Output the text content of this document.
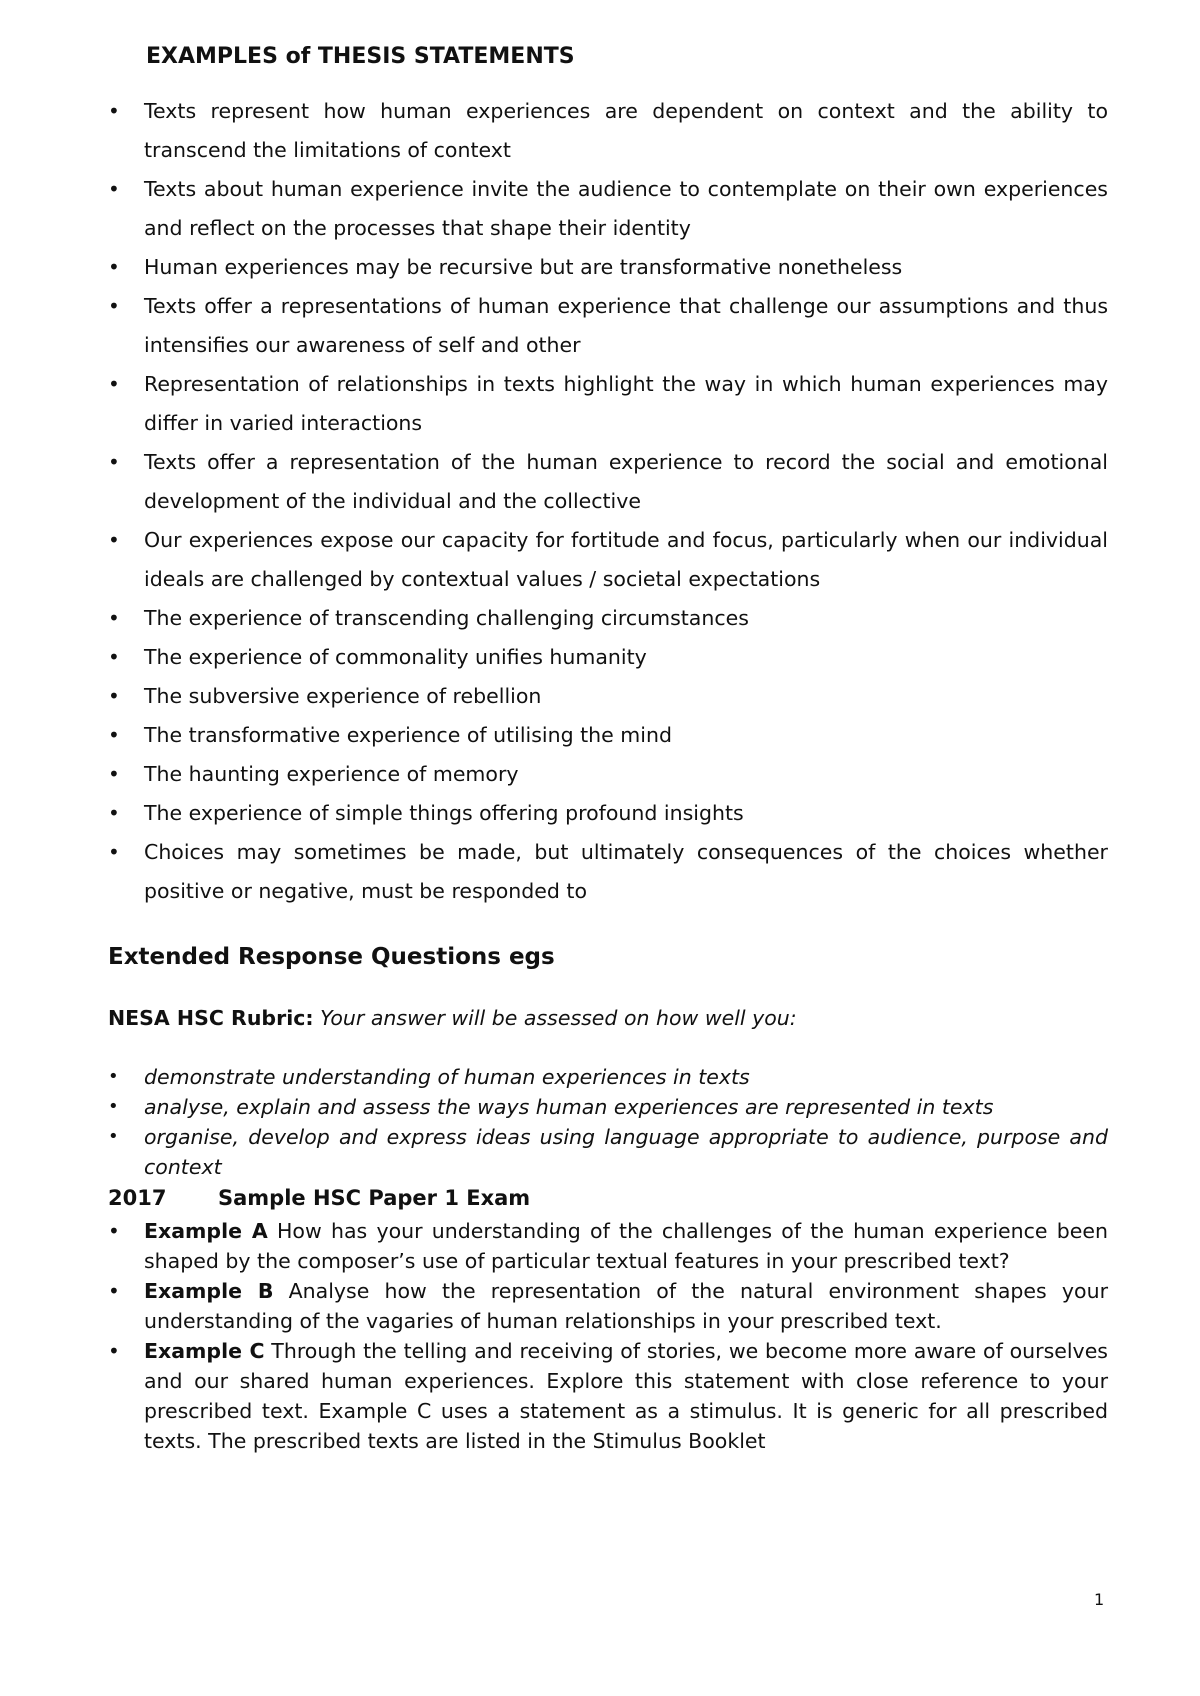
EXAMPLES of THESIS STATEMENTS
• Texts represent how human experiences are dependent on context and the ability to transcend the limitations of context
• Texts about human experience invite the audience to contemplate on their own experiences and reflect on the processes that shape their identity
• Human experiences may be recursive but are transformative nonetheless
• Texts offer a representations of human experience that challenge our assumptions and thus intensifies our awareness of self and other
• Representation of relationships in texts highlight the way in which human experiences may differ in varied interactions
• Texts offer a representation of the human experience to record the social and emotional development of the individual and the collective
• Our experiences expose our capacity for fortitude and focus, particularly when our individual ideals are challenged by contextual values / societal expectations
• The experience of transcending challenging circumstances
• The experience of commonality unifies humanity
• The subversive experience of rebellion
• The transformative experience of utilising the mind
• The haunting experience of memory
• The experience of simple things offering profound insights
• Choices may sometimes be made, but ultimately consequences of the choices whether positive or negative, must be responded to
Extended Response Questions egs
NESA HSC Rubric: Your answer will be assessed on how well you:
• demonstrate understanding of human experiences in texts
• analyse, explain and assess the ways human experiences are represented in texts
• organise, develop and express ideas using language appropriate to audience, purpose and context
2017 Sample HSC Paper 1 Exam
• Example A How has your understanding of the challenges of the human experience been shaped by the composer’s use of particular textual features in your prescribed text?
• Example B Analyse how the representation of the natural environment shapes your understanding of the vagaries of human relationships in your prescribed text.
• Example C Through the telling and receiving of stories, we become more aware of ourselves and our shared human experiences. Explore this statement with close reference to your prescribed text. Example C uses a statement as a stimulus. It is generic for all prescribed texts. The prescribed texts are listed in the Stimulus Booklet
1
